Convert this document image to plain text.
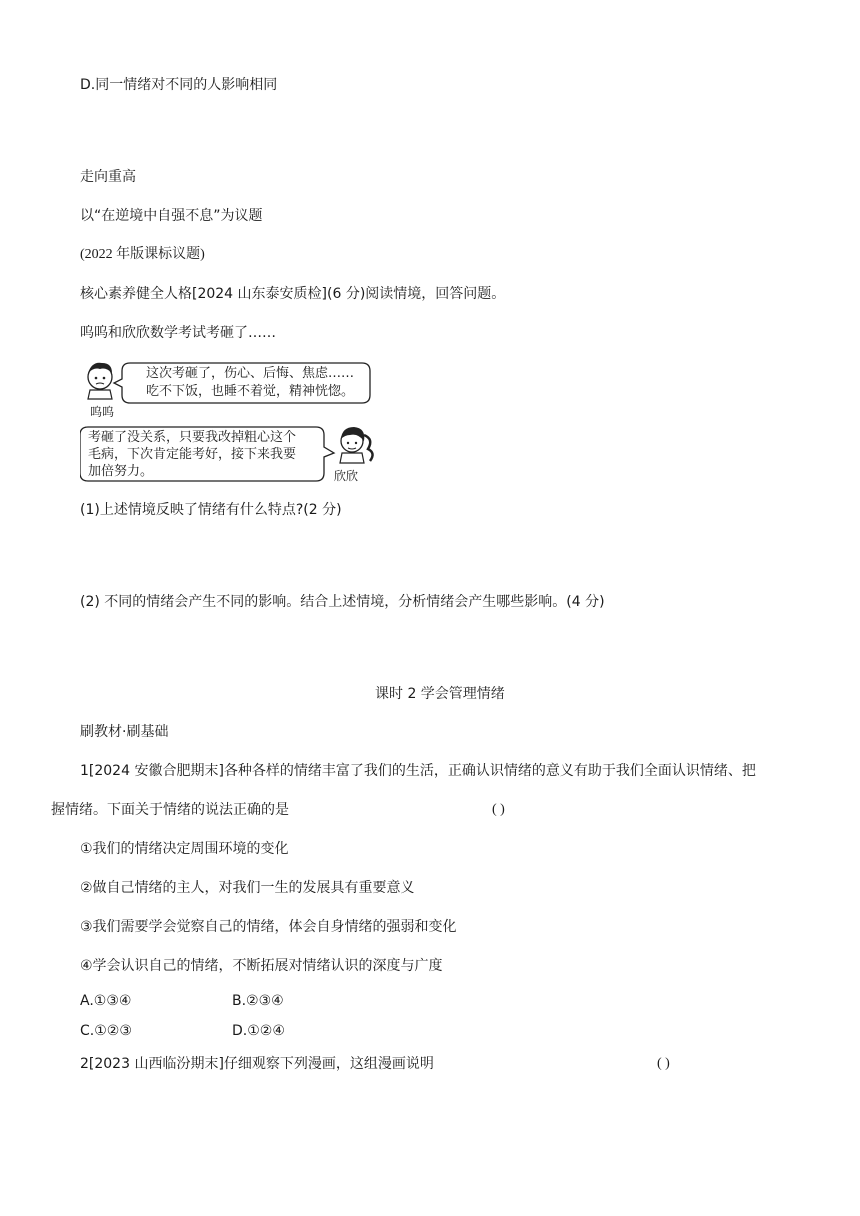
D.同一情绪对不同的人影响相同
走向重高
以“在逆境中自强不息”为议题
(2022 年版课标议题)
核心素养健全人格[2024 山东泰安质检](6 分)阅读情境，回答问题。
呜呜和欣欣数学考试考砸了……
呜呜
这次考砸了，伤心、后悔、焦虑……
吃不下饭，也睡不着觉，精神恍惚。
考砸了没关系，只要我改掉粗心这个
毛病，下次肯定能考好，接下来我要
加倍努力。	欣欣
(1)上述情境反映了情绪有什么特点?(2 分)
(2) 不同的情绪会产生不同的影响。结合上述情境，分析情绪会产生哪些影响。(4 分)
课时 2 学会管理情绪
刷教材·刷基础
1[2024 安徽合肥期末]各种各样的情绪丰富了我们的生活，正确认识情绪的意义有助于我们全面认识情绪、把
握情绪。下面关于情绪的说法正确的是	( )
①我们的情绪决定周围环境的变化
②做自己情绪的主人，对我们一生的发展具有重要意义
③我们需要学会觉察自己的情绪，体会自身情绪的强弱和变化
④学会认识自己的情绪，不断拓展对情绪认识的深度与广度
A.①③④	B.②③④
C.①②③	D.①②④
2[2023 山西临汾期末]仔细观察下列漫画，这组漫画说明	( )
